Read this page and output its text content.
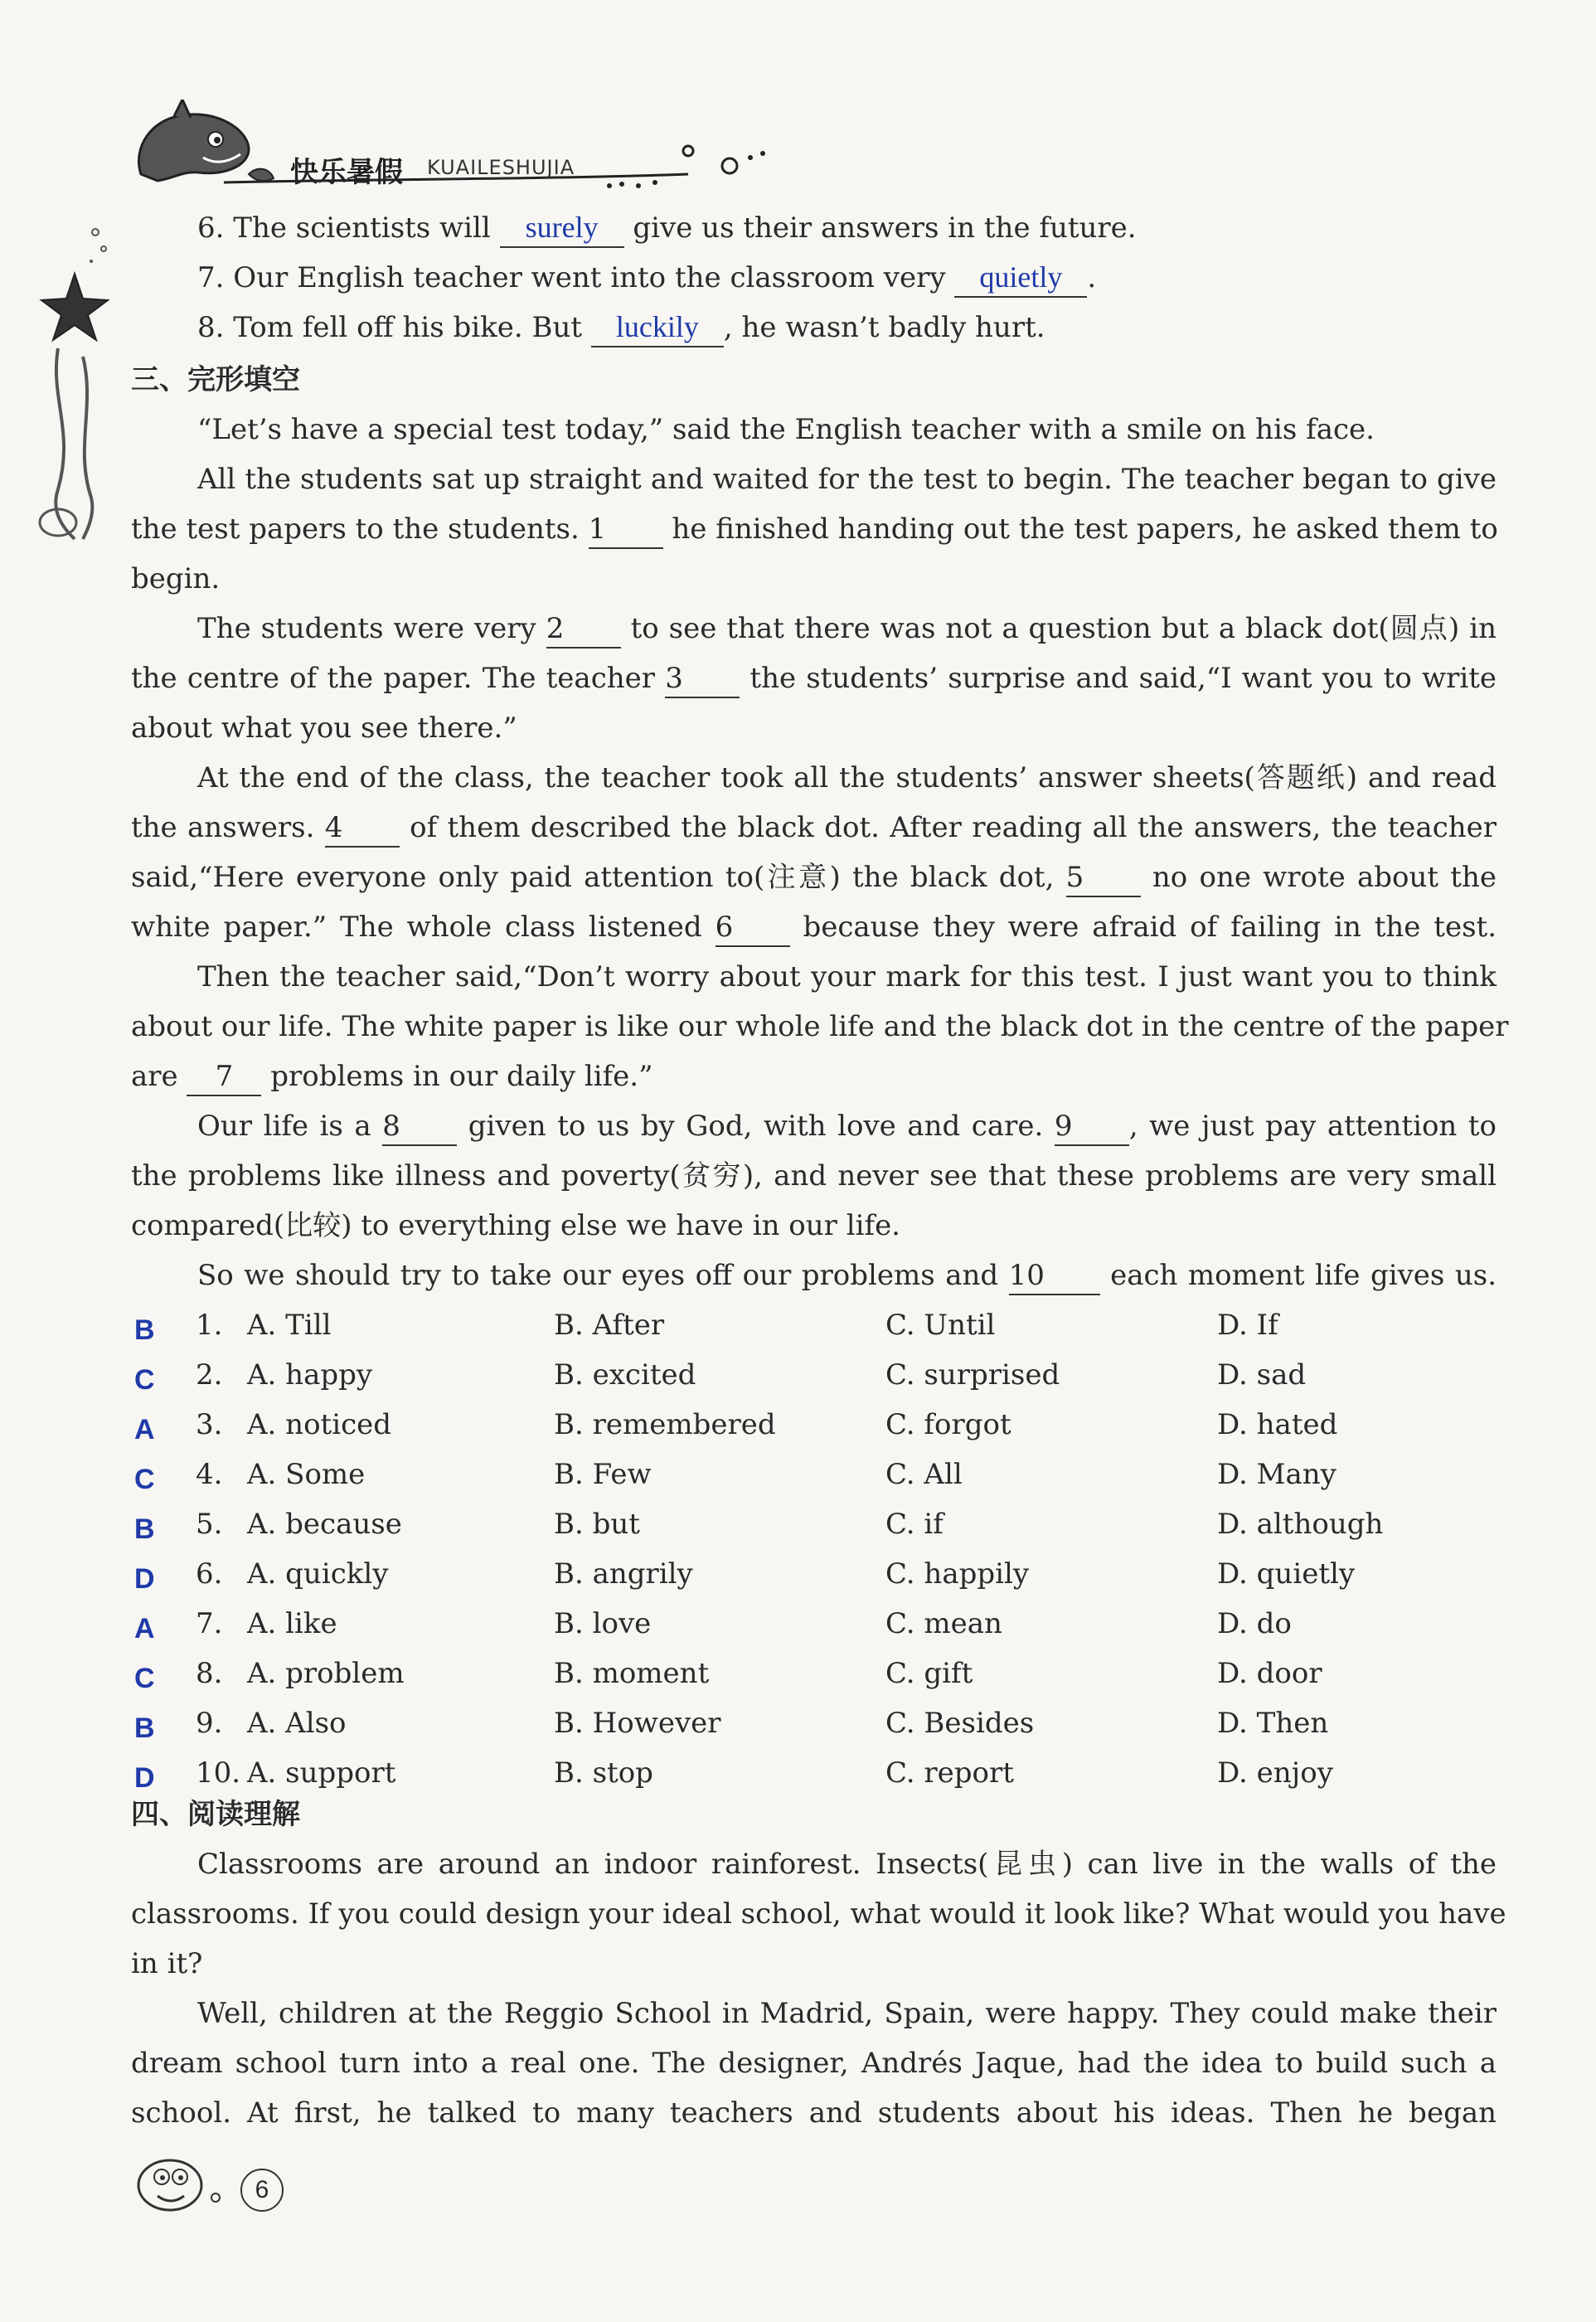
快乐暑假 KUAILESHUJIA
6. The scientists will surely give us their answers in the future.
7. Our English teacher went into the classroom very quietly .
8. Tom fell off his bike. But luckily , he wasn’t badly hurt.
三、完形填空
“Let’s have a special test today,” said the English teacher with a smile on his face.
All the students sat up straight and waited for the test to begin. The teacher began to give
the test papers to the students. 1 he finished handing out the test papers, he asked them to
begin.
The students were very 2 to see that there was not a question but a black dot(圆点) in
the centre of the paper. The teacher 3 the students’ surprise and said,“I want you to write
about what you see there.”
At the end of the class, the teacher took all the students’ answer sheets(答题纸) and read
the answers. 4 of them described the black dot. After reading all the answers, the teacher
said,“Here everyone only paid attention to(注意) the black dot, 5 no one wrote about the
white paper.” The whole class listened 6 because they were afraid of failing in the test.
Then the teacher said,“Don’t worry about your mark for this test. I just want you to think
about our life. The white paper is like our whole life and the black dot in the centre of the paper
are 7 problems in our daily life.”
Our life is a 8 given to us by God, with love and care. 9 , we just pay attention to
the problems like illness and poverty(贫穷), and never see that these problems are very small
compared(比较) to everything else we have in our life.
So we should try to take our eyes off our problems and 10 each moment life gives us.
B 1. A. Till	B. After	C. Until	D. If
C 2. A. happy	B. excited	C. surprised	D. sad
A 3. A. noticed	B. remembered	C. forgot	D. hated
C 4. A. Some	B. Few	C. All	D. Many
B 5. A. because	B. but	C. if	D. although
D 6. A. quickly	B. angrily	C. happily	D. quietly
A 7. A. like	B. love	C. mean	D. do
C 8. A. problem	B. moment	C. gift	D. door
B 9. A. Also	B. However	C. Besides	D. Then
D 10. A. support	B. stop	C. report	D. enjoy
四、阅读理解
Classrooms are around an indoor rainforest. Insects(昆虫) can live in the walls of the
classrooms. If you could design your ideal school, what would it look like? What would you have
in it?
Well, children at the Reggio School in Madrid, Spain, were happy. They could make their
dream school turn into a real one. The designer, Andrés Jaque, had the idea to build such a
school. At first, he talked to many teachers and students about his ideas. Then he began
6
